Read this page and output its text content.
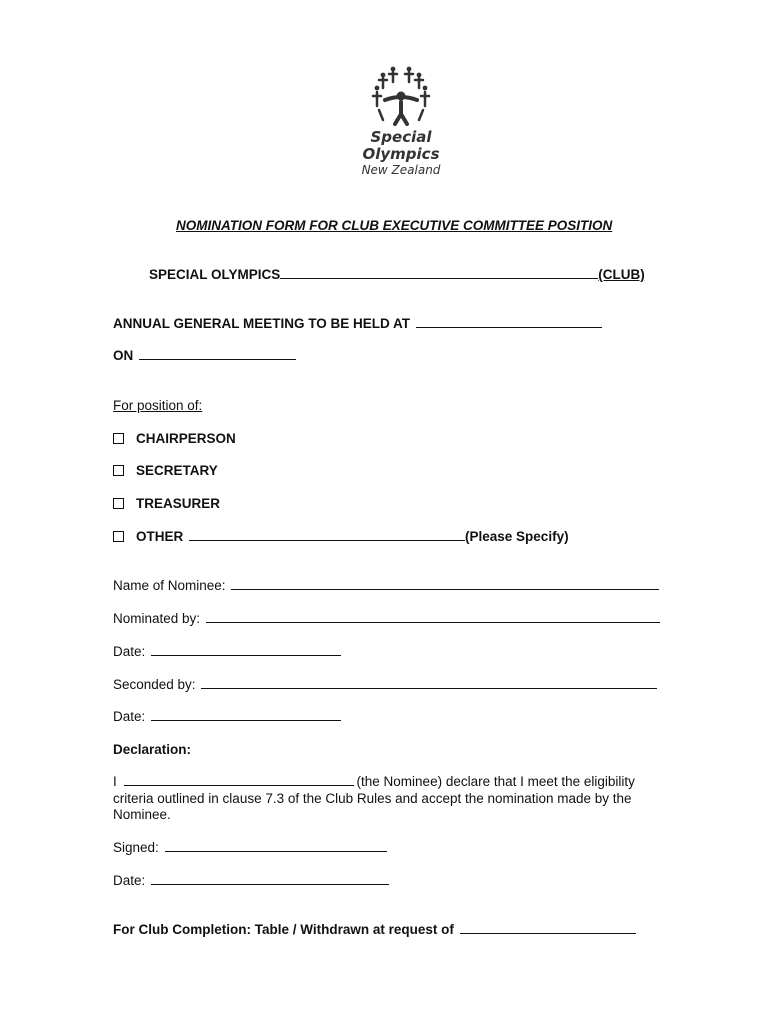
Special
Olympics
New Zealand
NOMINATION FORM FOR CLUB EXECUTIVE COMMITTEE POSITION
SPECIAL OLYMPICS	(CLUB)
ANNUAL GENERAL MEETING TO BE HELD AT
ON
For position of:
CHAIRPERSON
SECRETARY
TREASURER
OTHER	(Please Specify)
Name of Nominee:
Nominated by:
Date:
Seconded by:
Date:
Declaration:
I	(the Nominee) declare that I meet the eligibility
criteria outlined in clause 7.3 of the Club Rules and accept the nomination made by the
Nominee.
Signed:
Date:
For Club Completion: Table / Withdrawn at request of
